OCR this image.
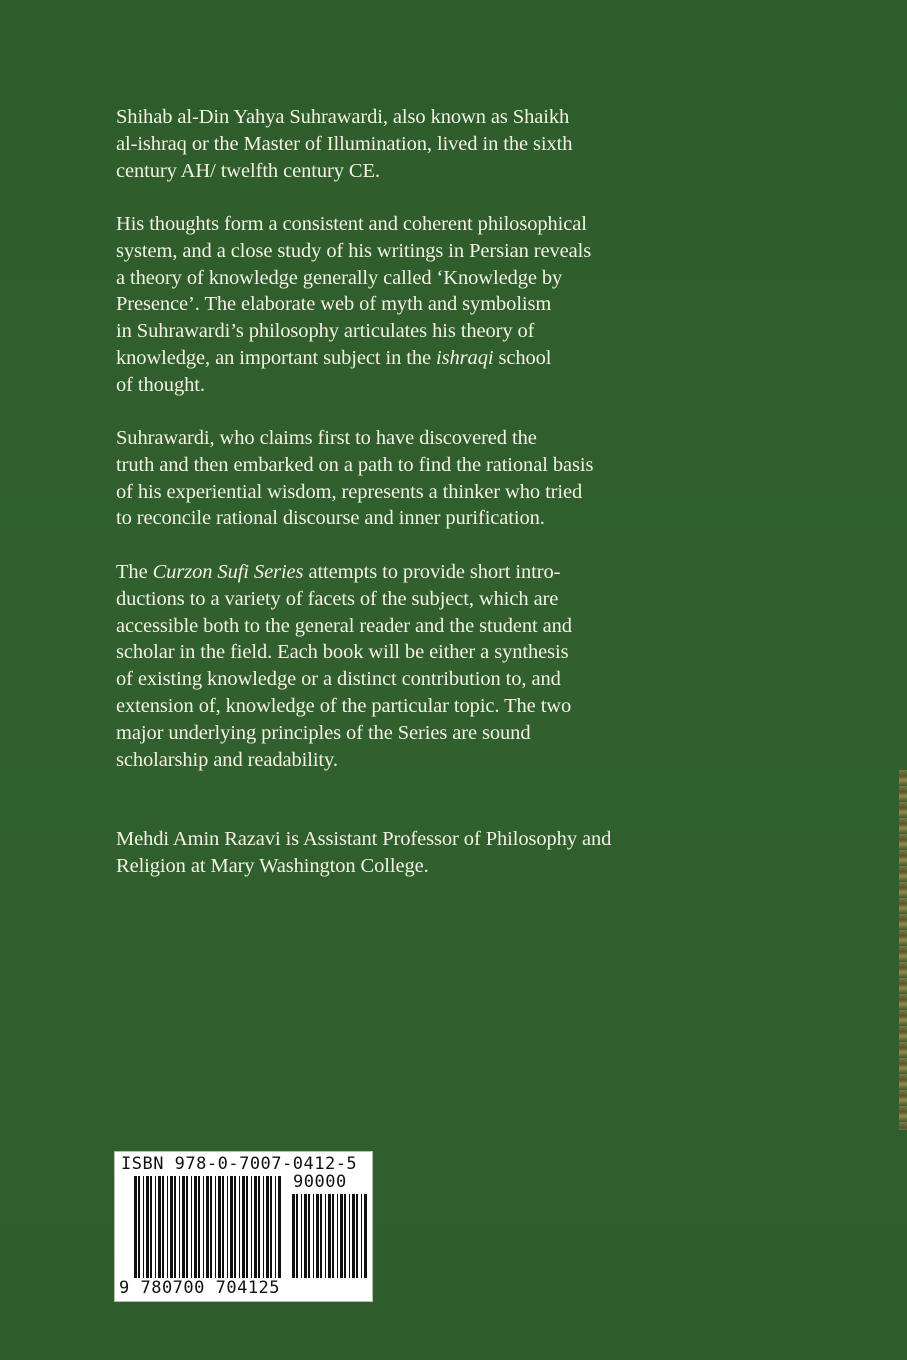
Shihab al-Din Yahya Suhrawardi, also known as Shaikh
al-ishraq or the Master of Illumination, lived in the sixth
century AH/ twelfth century CE.

His thoughts form a consistent and coherent philosophical
system, and a close study of his writings in Persian reveals
a theory of knowledge generally called ‘Knowledge by
Presence’. The elaborate web of myth and symbolism
in Suhrawardi’s philosophy articulates his theory of
knowledge, an important subject in the ishraqi school
of thought.

Suhrawardi, who claims first to have discovered the
truth and then embarked on a path to find the rational basis
of his experiential wisdom, represents a thinker who tried
to reconcile rational discourse and inner purification.

The Curzon Sufi Series attempts to provide short intro-
ductions to a variety of facets of the subject, which are
accessible both to the general reader and the student and
scholar in the field. Each book will be either a synthesis
of existing knowledge or a distinct contribution to, and
extension of, knowledge of the particular topic. The two
major underlying principles of the Series are sound
scholarship and readability.

Mehdi Amin Razavi is Assistant Professor of Philosophy and
Religion at Mary Washington College.

ISBN 978-0-7007-0412-5
90000
9 780700 704125
